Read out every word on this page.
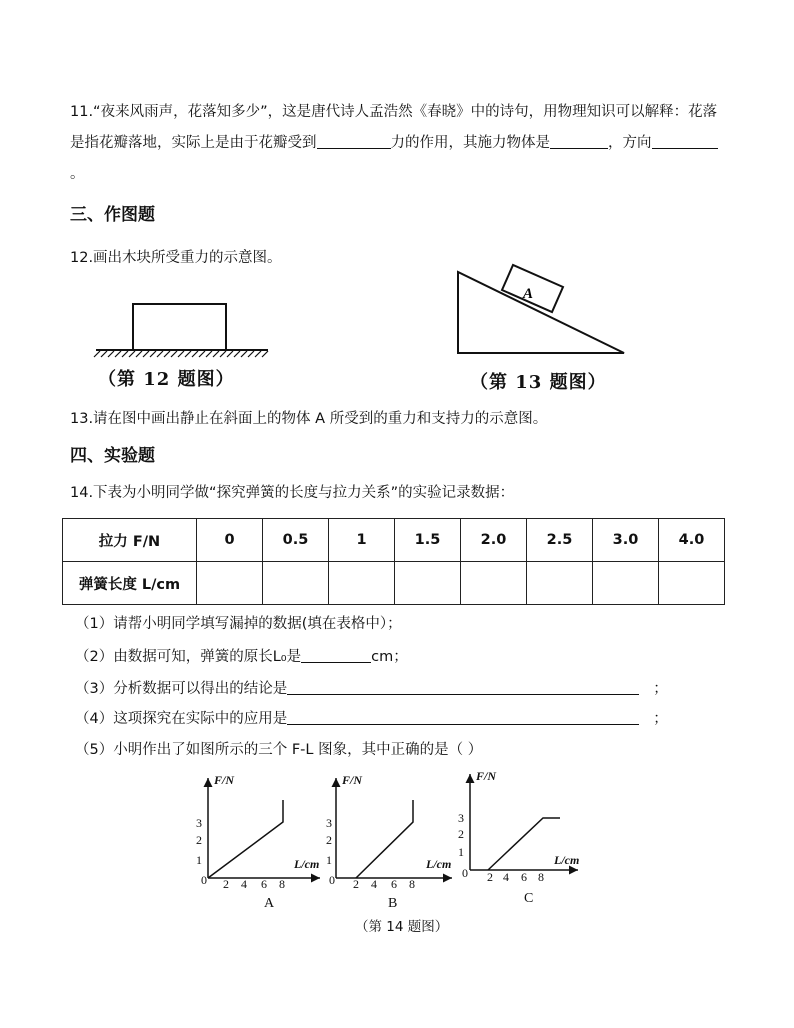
11.“夜来风雨声，花落知多少”，这是唐代诗人孟浩然《春晓》中的诗句，用物理知识可以解释：花落是指花瓣落地，实际上是由于花瓣受到	力的作用，其施力物体是	，方向。
三、作图题
12.画出木块所受重力的示意图。
（第 12 题图）
A
（第 13 题图）
13.请在图中画出静止在斜面上的物体 A 所受到的重力和支持力的示意图。
四、实验题
14.下表为小明同学做“探究弹簧的长度与拉力关系”的实验记录数据：
拉力 F/N	0	0.5	1	1.5	2.0	2.5	3.0	4.0
弹簧长度 L/cm								
（1）请帮小明同学填写漏掉的数据(填在表格中）；
（2）由数据可知，弹簧的原长L₀是	cm；
（3）分析数据可以得出的结论是	；
（4）这项探究在实际中的应用是	；
（5）小明作出了如图所示的三个 F-L 图象，其中正确的是（ ）
F/N
L/cm
1
2
3
0 2 4 6 8
A
F/N
L/cm
1
2
3
0 2 4 6 8
B
F/N
L/cm
1
2
3
0 2 4 6 8
C
（第 14 题图）
